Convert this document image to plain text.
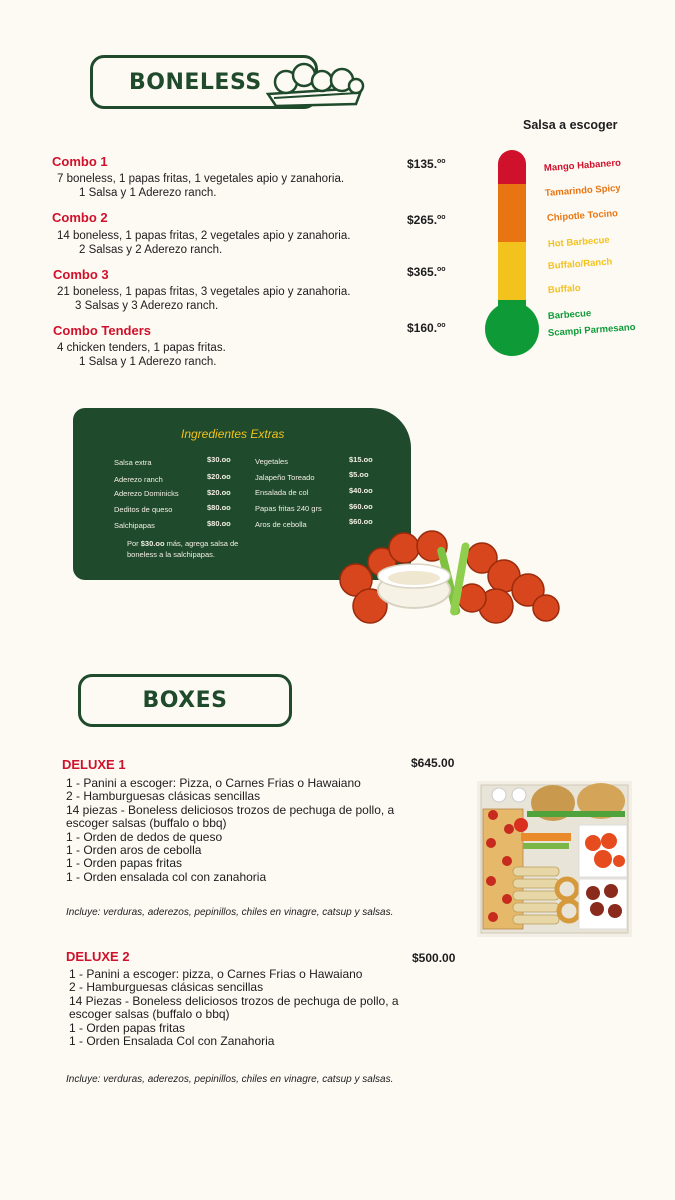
BONELESS
Combo 1
7 boneless, 1 papas fritas, 1 vegetales apio y zanahoria.
1 Salsa y 1 Aderezo ranch.
$135.$^{oo}$
Combo 2
14 boneless, 1 papas fritas, 2 vegetales apio y zanahoria.
2 Salsas y 2 Aderezo ranch.
$265.$^{oo}$
Combo 3
21 boneless, 1 papas fritas, 3 vegetales apio y zanahoria.
3 Salsas y 3 Aderezo ranch.
$365.$^{oo}$
Combo Tenders
4 chicken tenders, 1 papas fritas.
1 Salsa y 1 Aderezo ranch.
$160.$^{oo}$
Salsa a escoger
Mango Habanero
Tamarindo Spicy
Chipotle Tocino
Hot Barbecue
Buffalo/Ranch
Buffalo
Barbecue
Scampi Parmesano
Ingredientes Extras
Salsa extra	$30.oo
Aderezo ranch	$20.oo
Aderezo Dominicks	$20.oo
Deditos de queso	$80.oo
Salchipapas	$80.oo
Vegetales	$15.oo
Jalapeño Toreado	$5.oo
Ensalada de col	$40.oo
Papas fritas 240 grs	$60.oo
Aros de cebolla	$60.oo
Por $30.oo más, agrega salsa de
boneless a la salchipapas.
BOXES
DELUXE 1	$645.00
1 - Panini a escoger: Pizza, o Carnes Frias o Hawaiano
2 - Hamburguesas clásicas sencillas
14 piezas - Boneless deliciosos trozos de pechuga de pollo, a
escoger salsas (buffalo o bbq)
1 - Orden de dedos de queso
1 - Orden aros de cebolla
1 - Orden papas fritas
1 - Orden ensalada col con zanahoria
Incluye: verduras, aderezos, pepinillos, chiles en vinagre, catsup y salsas.
DELUXE 2	$500.00
1 - Panini a escoger: pizza, o Carnes Frias o Hawaiano
2 - Hamburguesas clásicas sencillas
14 Piezas - Boneless deliciosos trozos de pechuga de pollo, a
escoger salsas (buffalo o bbq)
1 - Orden papas fritas
1 - Orden Ensalada Col con Zanahoria
Incluye: verduras, aderezos, pepinillos, chiles en vinagre, catsup y salsas.
